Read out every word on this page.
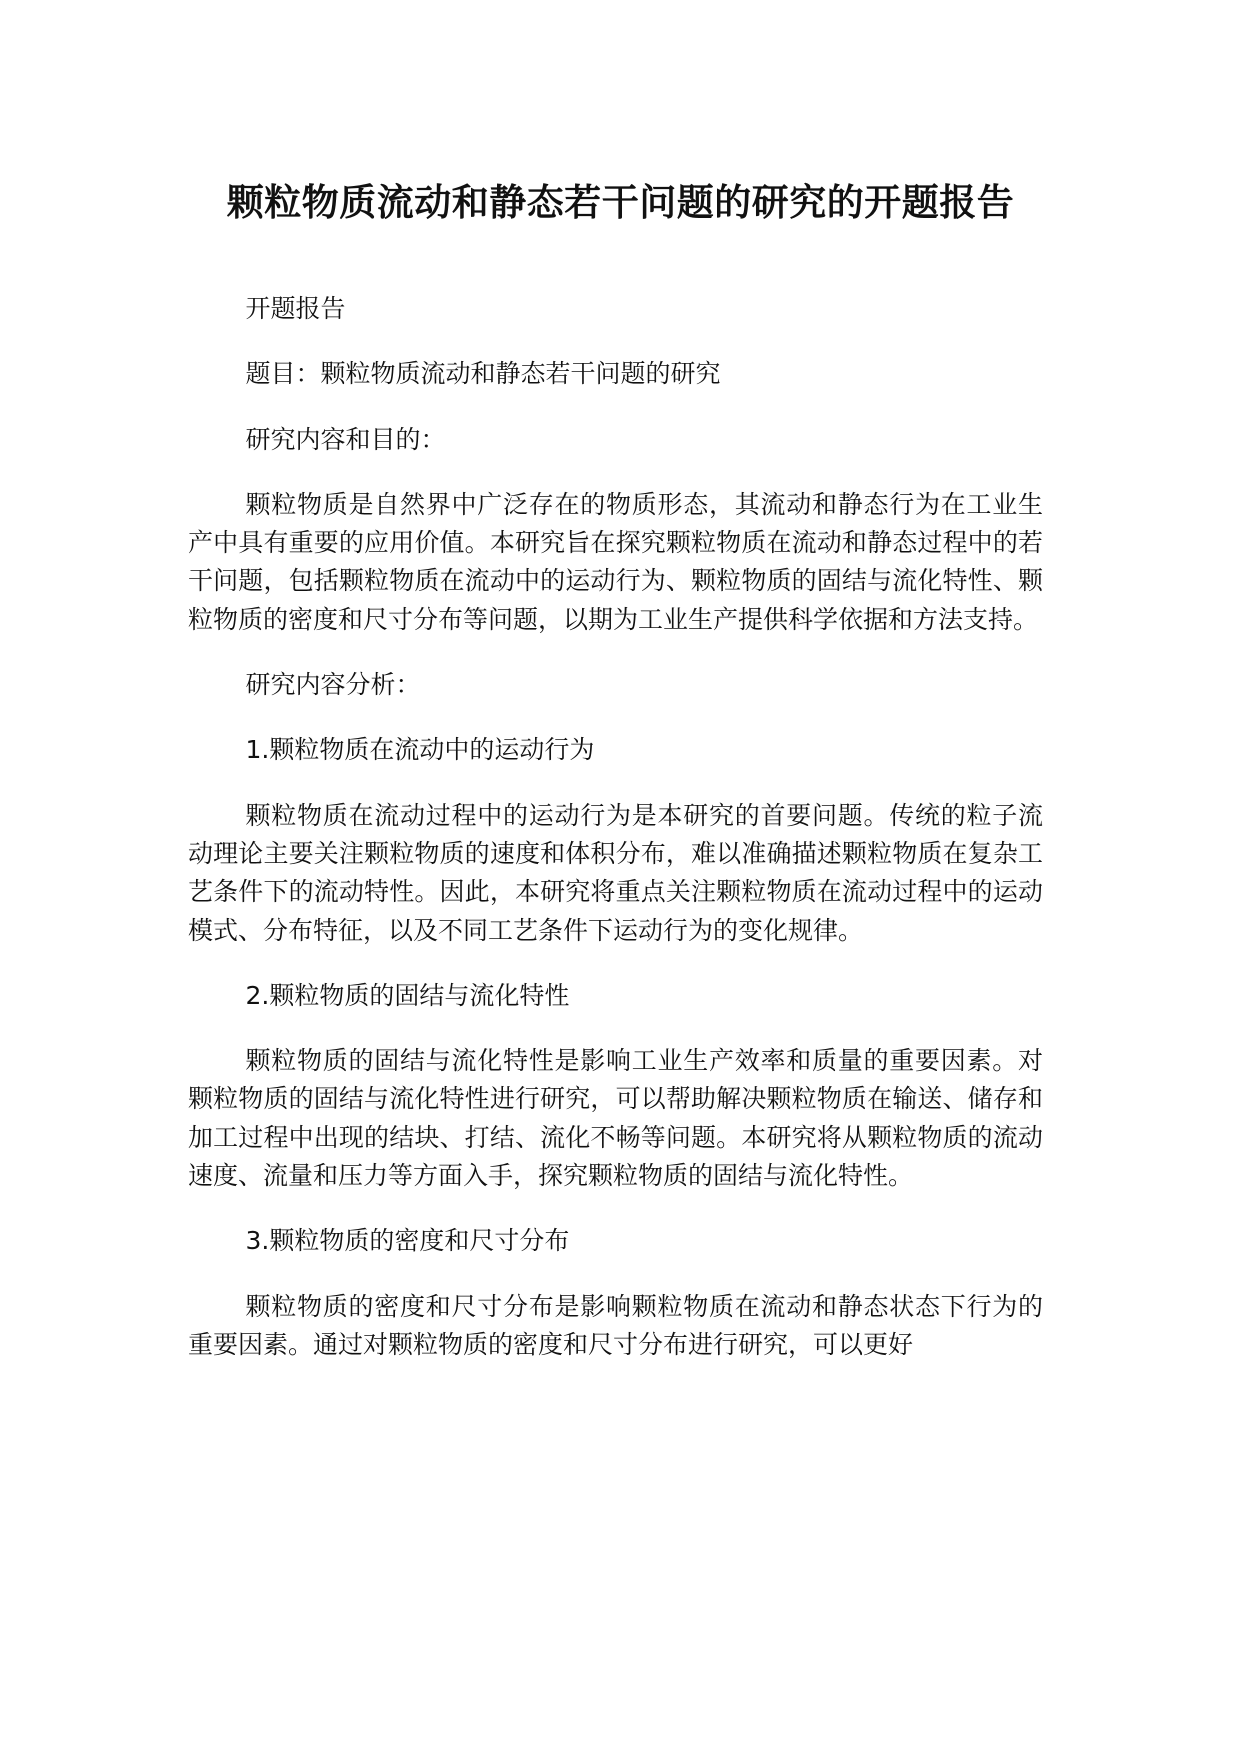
颗粒物质流动和静态若干问题的研究的开题报告

开题报告

题目：颗粒物质流动和静态若干问题的研究

研究内容和目的：

颗粒物质是自然界中广泛存在的物质形态，其流动和静态行为在工业生产中具有重要的应用价值。本研究旨在探究颗粒物质在流动和静态过程中的若干问题，包括颗粒物质在流动中的运动行为、颗粒物质的固结与流化特性、颗粒物质的密度和尺寸分布等问题，以期为工业生产提供科学依据和方法支持。

研究内容分析：

1.颗粒物质在流动中的运动行为

颗粒物质在流动过程中的运动行为是本研究的首要问题。传统的粒子流动理论主要关注颗粒物质的速度和体积分布，难以准确描述颗粒物质在复杂工艺条件下的流动特性。因此，本研究将重点关注颗粒物质在流动过程中的运动模式、分布特征，以及不同工艺条件下运动行为的变化规律。

2.颗粒物质的固结与流化特性

颗粒物质的固结与流化特性是影响工业生产效率和质量的重要因素。对颗粒物质的固结与流化特性进行研究，可以帮助解决颗粒物质在输送、储存和加工过程中出现的结块、打结、流化不畅等问题。本研究将从颗粒物质的流动速度、流量和压力等方面入手，探究颗粒物质的固结与流化特性。

3.颗粒物质的密度和尺寸分布

颗粒物质的密度和尺寸分布是影响颗粒物质在流动和静态状态下行为的重要因素。通过对颗粒物质的密度和尺寸分布进行研究，可以更好
